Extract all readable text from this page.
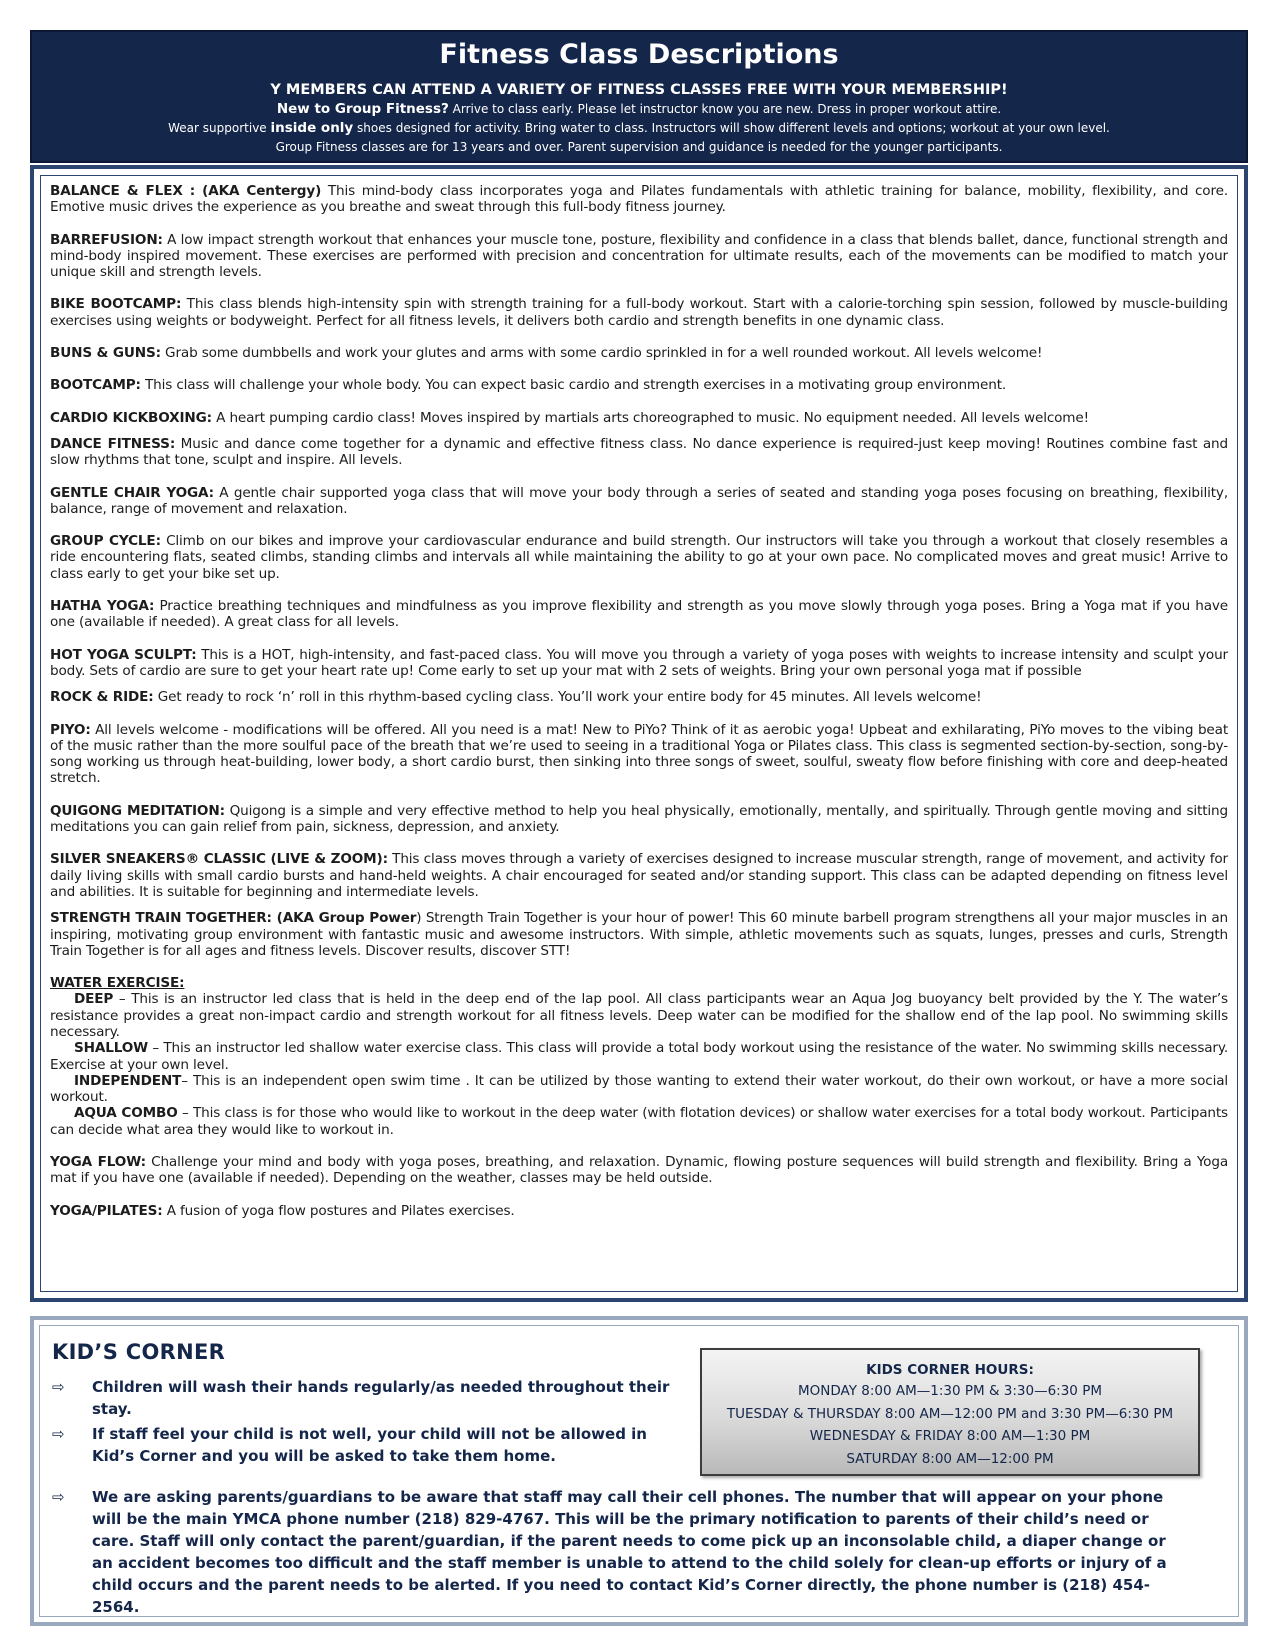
Fitness Class Descriptions
Y MEMBERS CAN ATTEND A VARIETY OF FITNESS CLASSES FREE WITH YOUR MEMBERSHIP!
New to Group Fitness? Arrive to class early. Please let instructor know you are new. Dress in proper workout attire.
Wear supportive inside only shoes designed for activity. Bring water to class. Instructors will show different levels and options; workout at your own level.
Group Fitness classes are for 13 years and over. Parent supervision and guidance is needed for the younger participants.
BALANCE & FLEX : (AKA Centergy) This mind-body class incorporates yoga and Pilates fundamentals with athletic training for balance, mobility, flexibility, and core. Emotive music drives the experience as you breathe and sweat through this full-body fitness journey.
BARREFUSION: A low impact strength workout that enhances your muscle tone, posture, flexibility and confidence in a class that blends ballet, dance, functional strength and mind-body inspired movement. These exercises are performed with precision and concentration for ultimate results, each of the movements can be modified to match your unique skill and strength levels.
BIKE BOOTCAMP: This class blends high-intensity spin with strength training for a full-body workout. Start with a calorie-torching spin session, followed by muscle-building exercises using weights or bodyweight. Perfect for all fitness levels, it delivers both cardio and strength benefits in one dynamic class.
BUNS & GUNS: Grab some dumbbells and work your glutes and arms with some cardio sprinkled in for a well rounded workout. All levels welcome!
BOOTCAMP: This class will challenge your whole body. You can expect basic cardio and strength exercises in a motivating group environment.
CARDIO KICKBOXING: A heart pumping cardio class! Moves inspired by martials arts choreographed to music. No equipment needed. All levels welcome!
DANCE FITNESS: Music and dance come together for a dynamic and effective fitness class. No dance experience is required-just keep moving! Routines combine fast and slow rhythms that tone, sculpt and inspire. All levels.
GENTLE CHAIR YOGA: A gentle chair supported yoga class that will move your body through a series of seated and standing yoga poses focusing on breathing, flexibility, balance, range of movement and relaxation.
GROUP CYCLE: Climb on our bikes and improve your cardiovascular endurance and build strength. Our instructors will take you through a workout that closely resembles a ride encountering flats, seated climbs, standing climbs and intervals all while maintaining the ability to go at your own pace. No complicated moves and great music! Arrive to class early to get your bike set up.
HATHA YOGA: Practice breathing techniques and mindfulness as you improve flexibility and strength as you move slowly through yoga poses. Bring a Yoga mat if you have one (available if needed). A great class for all levels.
HOT YOGA SCULPT: This is a HOT, high-intensity, and fast-paced class. You will move you through a variety of yoga poses with weights to increase intensity and sculpt your body. Sets of cardio are sure to get your heart rate up! Come early to set up your mat with 2 sets of weights. Bring your own personal yoga mat if possible
ROCK & RIDE: Get ready to rock ‘n’ roll in this rhythm-based cycling class. You’ll work your entire body for 45 minutes. All levels welcome!
PIYO: All levels welcome - modifications will be offered. All you need is a mat! New to PiYo? Think of it as aerobic yoga! Upbeat and exhilarating, PiYo moves to the vibing beat of the music rather than the more soulful pace of the breath that we’re used to seeing in a traditional Yoga or Pilates class. This class is segmented section-by-section, song-by-song working us through heat-building, lower body, a short cardio burst, then sinking into three songs of sweet, soulful, sweaty flow before finishing with core and deep-heated stretch.
QUIGONG MEDITATION: Quigong is a simple and very effective method to help you heal physically, emotionally, mentally, and spiritually. Through gentle moving and sitting meditations you can gain relief from pain, sickness, depression, and anxiety.
SILVER SNEAKERS® CLASSIC (LIVE & ZOOM): This class moves through a variety of exercises designed to increase muscular strength, range of movement, and activity for daily living skills with small cardio bursts and hand-held weights. A chair encouraged for seated and/or standing support. This class can be adapted depending on fitness level and abilities. It is suitable for beginning and intermediate levels.
STRENGTH TRAIN TOGETHER: (AKA Group Power) Strength Train Together is your hour of power! This 60 minute barbell program strengthens all your major muscles in an inspiring, motivating group environment with fantastic music and awesome instructors. With simple, athletic movements such as squats, lunges, presses and curls, Strength Train Together is for all ages and fitness levels. Discover results, discover STT!
WATER EXERCISE:
DEEP – This is an instructor led class that is held in the deep end of the lap pool. All class participants wear an Aqua Jog buoyancy belt provided by the Y. The water’s resistance provides a great non-impact cardio and strength workout for all fitness levels. Deep water can be modified for the shallow end of the lap pool. No swimming skills necessary.
SHALLOW – This an instructor led shallow water exercise class. This class will provide a total body workout using the resistance of the water. No swimming skills necessary. Exercise at your own level.
INDEPENDENT– This is an independent open swim time . It can be utilized by those wanting to extend their water workout, do their own workout, or have a more social workout.
AQUA COMBO – This class is for those who would like to workout in the deep water (with flotation devices) or shallow water exercises for a total body workout. Participants can decide what area they would like to workout in.
YOGA FLOW: Challenge your mind and body with yoga poses, breathing, and relaxation. Dynamic, flowing posture sequences will build strength and flexibility. Bring a Yoga mat if you have one (available if needed). Depending on the weather, classes may be held outside.
YOGA/PILATES: A fusion of yoga flow postures and Pilates exercises.
KID’S CORNER
⇨ Children will wash their hands regularly/as needed throughout their stay.
⇨ If staff feel your child is not well, your child will not be allowed in Kid’s Corner and you will be asked to take them home.
⇨ We are asking parents/guardians to be aware that staff may call their cell phones. The number that will appear on your phone will be the main YMCA phone number (218) 829-4767. This will be the primary notification to parents of their child’s need or care. Staff will only contact the parent/guardian, if the parent needs to come pick up an inconsolable child, a diaper change or an accident becomes too difficult and the staff member is unable to attend to the child solely for clean-up efforts or injury of a child occurs and the parent needs to be alerted. If you need to contact Kid’s Corner directly, the phone number is (218) 454-2564.
KIDS CORNER HOURS:
MONDAY 8:00 AM—1:30 PM & 3:30—6:30 PM
TUESDAY & THURSDAY 8:00 AM—12:00 PM and 3:30 PM—6:30 PM
WEDNESDAY & FRIDAY 8:00 AM—1:30 PM
SATURDAY 8:00 AM—12:00 PM
